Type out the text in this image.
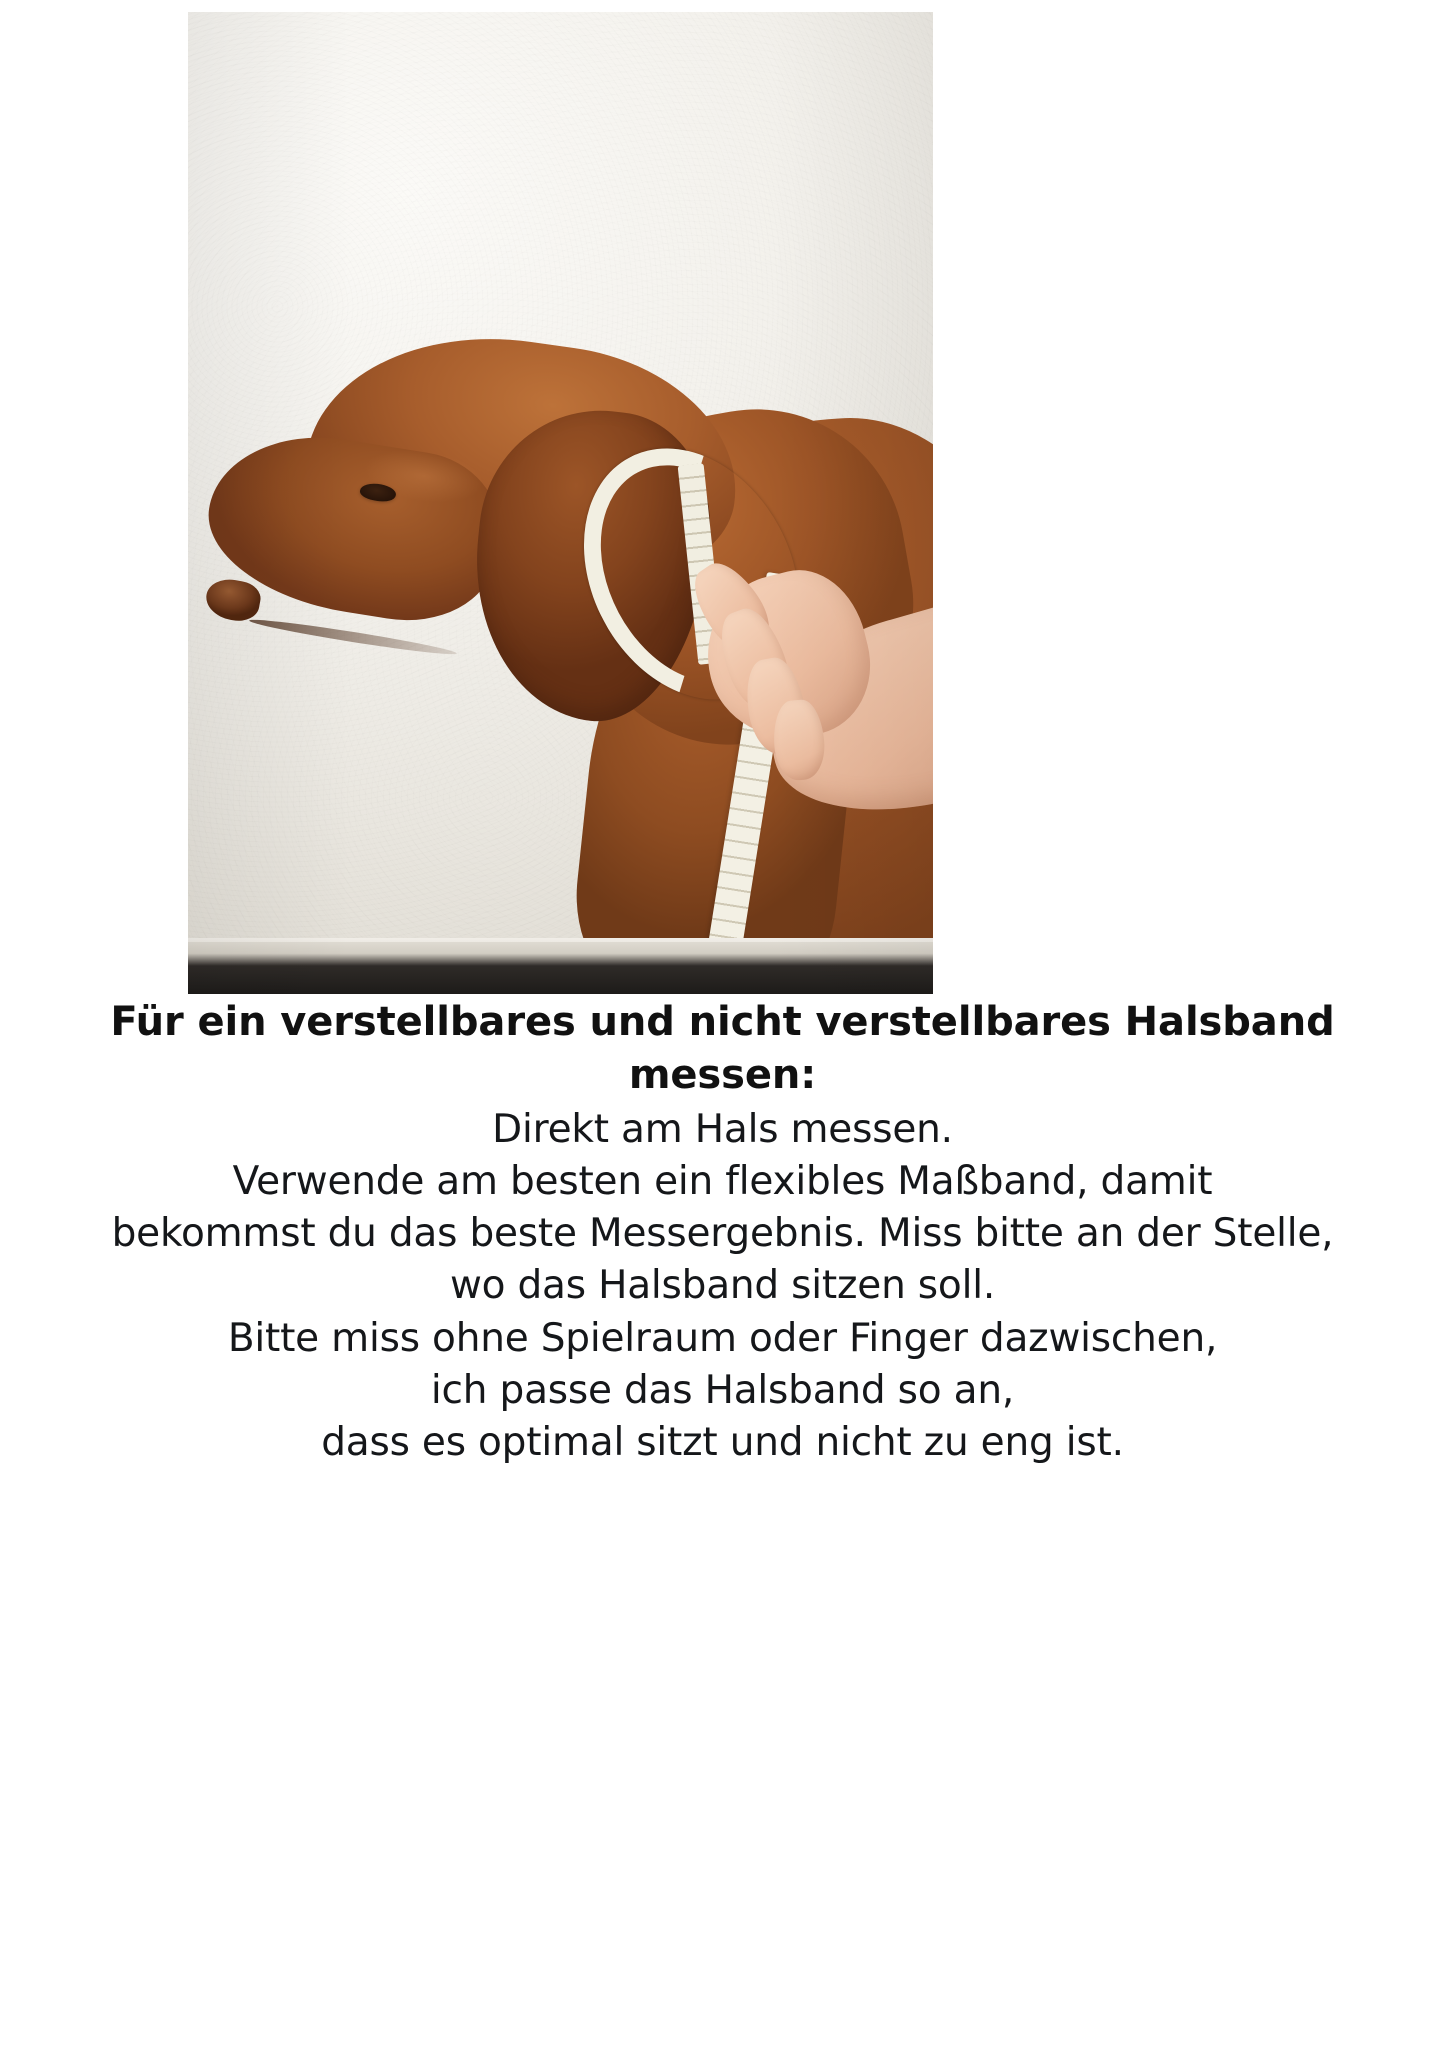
Für ein verstellbares und nicht verstellbares Halsband messen:

Direkt am Hals messen.
Verwende am besten ein flexibles Maßband, damit
bekommst du das beste Messergebnis. Miss bitte an der Stelle,
wo das Halsband sitzen soll.
Bitte miss ohne Spielraum oder Finger dazwischen,
ich passe das Halsband so an,
dass es optimal sitzt und nicht zu eng ist.
